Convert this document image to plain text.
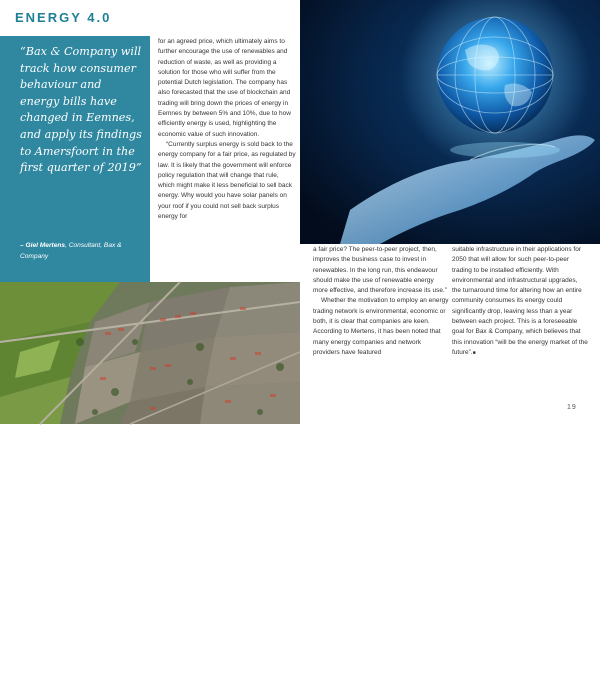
ENERGY 4.0

“Bax & Company will track how consumer behaviour and energy bills have changed in Eemnes, and apply its findings to Amersfoort in the first quarter of 2019”

– Giel Mertens, Consultant, Bax & Company

for an agreed price, which ultimately aims to further encourage the use of renewables and reduction of waste, as well as providing a solution for those who will suffer from the potential Dutch legislation. The company has also forecasted that the use of blockchain and trading will bring down the prices of energy in Eemnes by between 5% and 10%, due to how efficiently energy is used, highlighting the economic value of such innovation.

“Currently surplus energy is sold back to the energy company for a fair price, as regulated by law. It is likely that the government will enforce policy regulation that will change that rule, which might make it less beneficial to sell back energy. Why would you have solar panels on your roof if you could not sell back surplus energy for

18 March 2018

a fair price? The peer-to-peer project, then, improves the business case to invest in renewables. In the long run, this endeavour should make the use of renewable energy more effective, and therefore increase its use.”

Whether the motivation to employ an energy trading network is environmental, economic or both, it is clear that companies are keen. According to Mertens, it has been noted that many energy companies and network providers have featured

suitable infrastructure in their applications for 2050 that will allow for such peer-to-peer trading to be installed efficiently. With environmental and infrastructural upgrades, the turnaround time for altering how an entire community consumes its energy could significantly drop, leaving less than a year between each project. This is a foreseeable goal for Bax & Company, which believes that this innovation “will be the energy market of the future”.■

19
